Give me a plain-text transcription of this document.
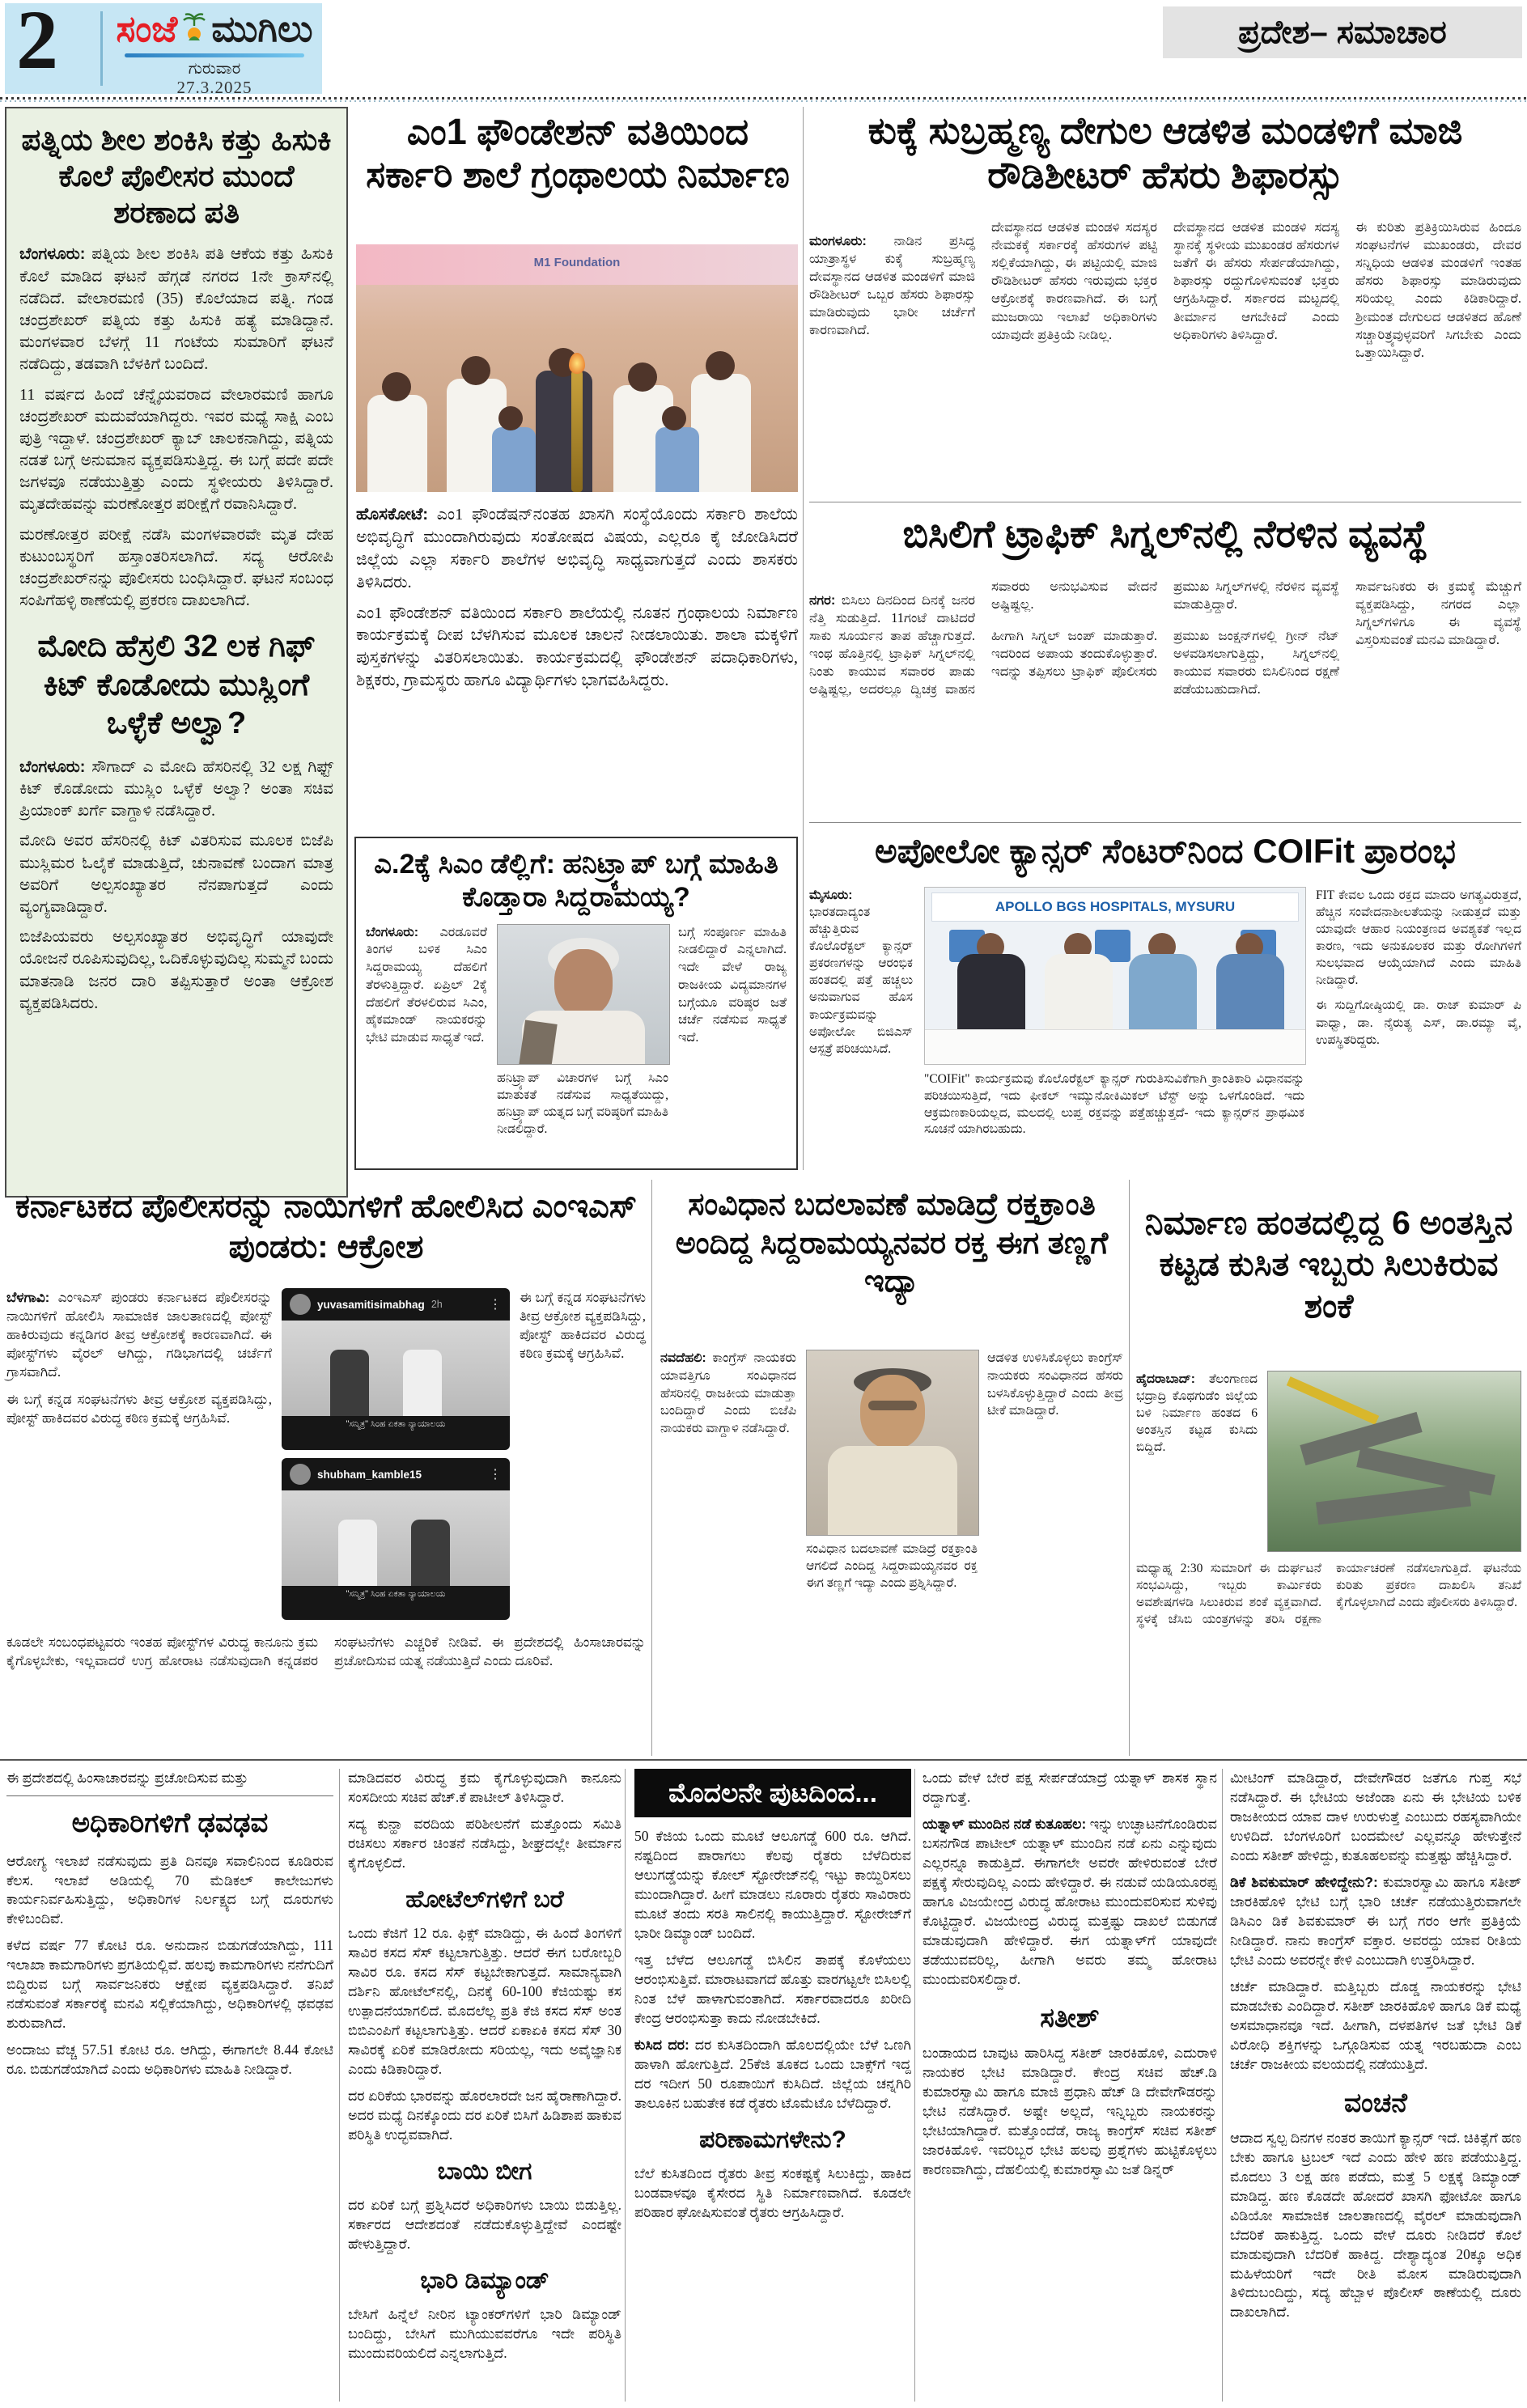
2 ಸಂಜೆ ಮುಗಿಲು
ಗುರುವಾರ
27.3.2025
ಪ್ರದೇಶ– ಸಮಾಚಾರ
ಪತ್ನಿಯ ಶೀಲ ಶಂಕಿಸಿ ಕತ್ತು ಹಿಸುಕಿ ಕೊಲೆ ಪೊಲೀಸರ ಮುಂದೆ ಶರಣಾದ ಪತಿ

ಬೆಂಗಳೂರು: ಪತ್ನಿಯ ಶೀಲ ಶಂಕಿಸಿ ಪತಿ ಆಕೆಯ ಕತ್ತು ಹಿಸುಕಿ ಕೊಲೆ ಮಾಡಿದ ಘಟನೆ ಹೆಗ್ಗಡೆ ನಗರದ 1ನೇ ಕ್ರಾಸ್‌ನಲ್ಲಿ ನಡೆದಿದೆ. ವೇಲಾರಮಣಿ (35) ಕೊಲೆಯಾದ ಪತ್ನಿ. ಗಂಡ ಚಂದ್ರಶೇಖರ್ ಪತ್ನಿಯ ಕತ್ತು ಹಿಸುಕಿ ಹತ್ಯೆ ಮಾಡಿದ್ದಾನೆ. ಮಂಗಳವಾರ ಬೆಳಗ್ಗೆ 11 ಗಂಟೆಯ ಸುಮಾರಿಗೆ ಘಟನೆ ನಡೆದಿದ್ದು, ತಡವಾಗಿ ಬೆಳಕಿಗೆ ಬಂದಿದೆ.

11 ವರ್ಷದ ಹಿಂದೆ ಚೆನ್ನೈಯವರಾದ ವೇಲಾರಮಣಿ ಹಾಗೂ ಚಂದ್ರಶೇಖರ್ ಮದುವೆಯಾಗಿದ್ದರು. ಇವರ ಮಧ್ಯೆ ಸಾಕ್ಷಿ ಎಂಬ ಪುತ್ರಿ ಇದ್ದಾಳೆ. ಚಂದ್ರಶೇಖರ್ ಕ್ಯಾಬ್ ಚಾಲಕನಾಗಿದ್ದು, ಪತ್ನಿಯ ನಡತೆ ಬಗ್ಗೆ ಅನುಮಾನ ವ್ಯಕ್ತಪಡಿಸುತ್ತಿದ್ದ. ಈ ಬಗ್ಗೆ ಪದೇ ಪದೇ ಜಗಳವೂ ನಡೆಯುತ್ತಿತ್ತು ಎಂದು ಸ್ಥಳೀಯರು ತಿಳಿಸಿದ್ದಾರೆ. ಮೃತದೇಹವನ್ನು ಮರಣೋತ್ತರ ಪರೀಕ್ಷೆಗೆ ರವಾನಿಸಿದ್ದಾರೆ.

ಮರಣೋತ್ತರ ಪರೀಕ್ಷೆ ನಡೆಸಿ ಮಂಗಳವಾರವೇ ಮೃತ ದೇಹ ಕುಟುಂಬಸ್ಥರಿಗೆ ಹಸ್ತಾಂತರಿಸಲಾಗಿದೆ. ಸದ್ಯ ಆರೋಪಿ ಚಂದ್ರಶೇಖರ್‌ನನ್ನು ಪೊಲೀಸರು ಬಂಧಿಸಿದ್ದಾರೆ. ಘಟನೆ ಸಂಬಂಧ ಸಂಪಿಗೆಹಳ್ಳಿ ಠಾಣೆಯಲ್ಲಿ ಪ್ರಕರಣ ದಾಖಲಾಗಿದೆ.

ಮೋದಿ ಹೆಸ್ರಲಿ 32 ಲಕ ಗಿಫ್ ಕಿಟ್ ಕೊಡೋದು ಮುಸ್ಲಿಂಗೆ ಒಳ್ಳೆಕೆ ಅಲ್ವಾ?

ಬೆಂಗಳೂರು: ಸೌಗಾದ್ ಎ ಮೋದಿ ಹೆಸರಿನಲ್ಲಿ 32 ಲಕ್ಷ ಗಿಫ್ಟ್ ಕಿಟ್ ಕೊಡೋದು ಮುಸ್ಲಿಂ ಒಳ್ಳೆಕೆ ಅಲ್ವಾ? ಅಂತಾ ಸಚಿವ ಪ್ರಿಯಾಂಕ್ ಖರ್ಗೆ ವಾಗ್ದಾಳಿ ನಡೆಸಿದ್ದಾರೆ.

ಮೋದಿ ಅವರ ಹೆಸರಿನಲ್ಲಿ ಕಿಟ್ ವಿತರಿಸುವ ಮೂಲಕ ಬಿಜೆಪಿ ಮುಸ್ಲಿಮರ ಓಲೈಕೆ ಮಾಡುತ್ತಿದೆ, ಚುನಾವಣೆ ಬಂದಾಗ ಮಾತ್ರ ಅವರಿಗೆ ಅಲ್ಪಸಂಖ್ಯಾತರ ನೆನಪಾಗುತ್ತದೆ ಎಂದು ವ್ಯಂಗ್ಯವಾಡಿದ್ದಾರೆ.

ಬಿಜೆಪಿಯವರು ಅಲ್ಪಸಂಖ್ಯಾತರ ಅಭಿವೃದ್ಧಿಗೆ ಯಾವುದೇ ಯೋಜನೆ ರೂಪಿಸುವುದಿಲ್ಲ, ಒದಿಕೊಳ್ಳುವುದಿಲ್ಲ ಸುಮ್ಮನೆ ಬಂದು ಮಾತನಾಡಿ ಜನರ ದಾರಿ ತಪ್ಪಿಸುತ್ತಾರೆ ಅಂತಾ ಆಕ್ರೋಶ ವ್ಯಕ್ತಪಡಿಸಿದರು.

ಎಂ1 ಫೌಂಡೇಶನ್ ವತಿಯಿಂದ ಸರ್ಕಾರಿ ಶಾಲೆ ಗ್ರಂಥಾಲಯ ನಿರ್ಮಾಣ
M1 Foundation

ಹೊಸಕೋಟೆ: ಎಂ1 ಫೌಂಡೆಷನ್‌ನಂತಹ ಖಾಸಗಿ ಸಂಸ್ಥೆಯೊಂದು ಸರ್ಕಾರಿ ಶಾಲೆಯ ಅಭಿವೃದ್ಧಿಗೆ ಮುಂದಾಗಿರುವುದು ಸಂತೋಷದ ವಿಷಯ, ಎಲ್ಲರೂ ಕೈ ಜೋಡಿಸಿದರೆ ಜಿಲ್ಲೆಯ ಎಲ್ಲಾ ಸರ್ಕಾರಿ ಶಾಲೆಗಳ ಅಭಿವೃದ್ಧಿ ಸಾಧ್ಯವಾಗುತ್ತದೆ ಎಂದು ಶಾಸಕರು ತಿಳಿಸಿದರು.

ಎಂ1 ಫೌಂಡೇಶನ್ ವತಿಯಿಂದ ಸರ್ಕಾರಿ ಶಾಲೆಯಲ್ಲಿ ನೂತನ ಗ್ರಂಥಾಲಯ ನಿರ್ಮಾಣ ಕಾರ್ಯಕ್ರಮಕ್ಕೆ ದೀಪ ಬೆಳಗಿಸುವ ಮೂಲಕ ಚಾಲನೆ ನೀಡಲಾಯಿತು. ಶಾಲಾ ಮಕ್ಕಳಿಗೆ ಪುಸ್ತಕಗಳನ್ನು ವಿತರಿಸಲಾಯಿತು. ಕಾರ್ಯಕ್ರಮದಲ್ಲಿ ಫೌಂಡೇಶನ್ ಪದಾಧಿಕಾರಿಗಳು, ಶಿಕ್ಷಕರು, ಗ್ರಾಮಸ್ಥರು ಹಾಗೂ ವಿದ್ಯಾರ್ಥಿಗಳು ಭಾಗವಹಿಸಿದ್ದರು.

ಎ.2ಕ್ಕೆ ಸಿಎಂ ಡೆಲ್ಲಿಗೆ: ಹನಿಟ್ರ್ಯಾಪ್ ಬಗ್ಗೆ ಮಾಹಿತಿ ಕೊಡ್ತಾರಾ ಸಿದ್ದರಾಮಯ್ಯ?

ಬೆಂಗಳೂರು: ಎರಡೂವರೆ ತಿಂಗಳ ಬಳಿಕ ಸಿಎಂ ಸಿದ್ದರಾಮಯ್ಯ ದೆಹಲಿಗೆ ತೆರಳುತ್ತಿದ್ದಾರೆ. ಏಪ್ರಿಲ್ 2ಕ್ಕೆ ದೆಹಲಿಗೆ ತೆರಳಲಿರುವ ಸಿಎಂ, ಹೈಕಮಾಂಡ್ ನಾಯಕರನ್ನು ಭೇಟಿ ಮಾಡುವ ಸಾಧ್ಯತೆ ಇದೆ.

ಹನಿಟ್ರ್ಯಾಪ್ ವಿಚಾರಗಳ ಬಗ್ಗೆ ಸಿಎಂ ಮಾತುಕತೆ ನಡೆಸುವ ಸಾಧ್ಯತೆಯಿದ್ದು, ಹನಿಟ್ರ್ಯಾಪ್ ಯತ್ನದ ಬಗ್ಗೆ ವರಿಷ್ಠರಿಗೆ ಮಾಹಿತಿ ನೀಡಲಿದ್ದಾರೆ.
ಬಗ್ಗೆ ಸಂಪೂರ್ಣ ಮಾಹಿತಿ ನೀಡಲಿದ್ದಾರೆ ಎನ್ನಲಾಗಿದೆ. ಇದೇ ವೇಳೆ ರಾಜ್ಯ ರಾಜಕೀಯ ವಿದ್ಯಮಾನಗಳ ಬಗ್ಗೆಯೂ ವರಿಷ್ಠರ ಜತೆ ಚರ್ಚೆ ನಡೆಸುವ ಸಾಧ್ಯತೆ ಇದೆ.
ಕುಕ್ಕೆ ಸುಬ್ರಹ್ಮಣ್ಯ ದೇಗುಲ ಆಡಳಿತ ಮಂಡಳಿಗೆ ಮಾಜಿ ರೌಡಿಶೀಟರ್ ಹೆಸರು ಶಿಫಾರಸ್ಸು

ಮಂಗಳೂರು: ನಾಡಿನ ಪ್ರಸಿದ್ಧ ಯಾತ್ರಾಸ್ಥಳ ಕುಕ್ಕೆ ಸುಬ್ರಹ್ಮಣ್ಯ ದೇವಸ್ಥಾನದ ಆಡಳಿತ ಮಂಡಳಿಗೆ ಮಾಜಿ ರೌಡಿಶೀಟರ್ ಒಬ್ಬರ ಹೆಸರು ಶಿಫಾರಸ್ಸು ಮಾಡಿರುವುದು ಭಾರೀ ಚರ್ಚೆಗೆ ಕಾರಣವಾಗಿದೆ.

ದೇವಸ್ಥಾನದ ಆಡಳಿತ ಮಂಡಳಿ ಸದಸ್ಯರ ನೇಮಕಕ್ಕೆ ಸರ್ಕಾರಕ್ಕೆ ಹೆಸರುಗಳ ಪಟ್ಟಿ ಸಲ್ಲಿಕೆಯಾಗಿದ್ದು, ಈ ಪಟ್ಟಿಯಲ್ಲಿ ಮಾಜಿ ರೌಡಿಶೀಟರ್ ಹೆಸರು ಇರುವುದು ಭಕ್ತರ ಆಕ್ರೋಶಕ್ಕೆ ಕಾರಣವಾಗಿದೆ. ಈ ಬಗ್ಗೆ ಮುಜರಾಯಿ ಇಲಾಖೆ ಅಧಿಕಾರಿಗಳು ಯಾವುದೇ ಪ್ರತಿಕ್ರಿಯೆ ನೀಡಿಲ್ಲ.

ದೇವಸ್ಥಾನದ ಆಡಳಿತ ಮಂಡಳಿ ಸದಸ್ಯ ಸ್ಥಾನಕ್ಕೆ ಸ್ಥಳೀಯ ಮುಖಂಡರ ಹೆಸರುಗಳ ಜತೆಗೆ ಈ ಹೆಸರು ಸೇರ್ಪಡೆಯಾಗಿದ್ದು, ಶಿಫಾರಸ್ಸು ರದ್ದುಗೊಳಿಸುವಂತೆ ಭಕ್ತರು ಆಗ್ರಹಿಸಿದ್ದಾರೆ. ಸರ್ಕಾರದ ಮಟ್ಟದಲ್ಲಿ ತೀರ್ಮಾನ ಆಗಬೇಕಿದೆ ಎಂದು ಅಧಿಕಾರಿಗಳು ತಿಳಿಸಿದ್ದಾರೆ.

ಈ ಕುರಿತು ಪ್ರತಿಕ್ರಿಯಿಸಿರುವ ಹಿಂದೂ ಸಂಘಟನೆಗಳ ಮುಖಂಡರು, ದೇವರ ಸನ್ನಿಧಿಯ ಆಡಳಿತ ಮಂಡಳಿಗೆ ಇಂತಹ ಹೆಸರು ಶಿಫಾರಸ್ಸು ಮಾಡಿರುವುದು ಸರಿಯಲ್ಲ ಎಂದು ಕಿಡಿಕಾರಿದ್ದಾರೆ. ಶ್ರೀಮಂತ ದೇಗುಲದ ಆಡಳಿತದ ಹೊಣೆ ಸಚ್ಚಾರಿತ್ರ್ಯವುಳ್ಳವರಿಗೆ ಸಿಗಬೇಕು ಎಂದು ಒತ್ತಾಯಿಸಿದ್ದಾರೆ.

ಬಿಸಿಲಿಗೆ ಟ್ರಾಫಿಕ್ ಸಿಗ್ನಲ್‌ನಲ್ಲಿ ನೆರಳಿನ ವ್ಯವಸ್ಥೆ

ನಗರ: ಬಿಸಿಲು ದಿನದಿಂದ ದಿನಕ್ಕೆ ಜನರ ನೆತ್ತಿ ಸುಡುತ್ತಿದೆ. 11ಗಂಟೆ ದಾಟಿದರೆ ಸಾಕು ಸೂರ್ಯನ ತಾಪ ಹೆಚ್ಚಾಗುತ್ತದೆ. ಇಂಥ ಹೊತ್ತಿನಲ್ಲಿ ಟ್ರಾಫಿಕ್ ಸಿಗ್ನಲ್‌ನಲ್ಲಿ ನಿಂತು ಕಾಯುವ ಸವಾರರ ಪಾಡು ಅಷ್ಟಿಷ್ಟಲ್ಲ, ಅದರಲ್ಲೂ ದ್ವಿಚಕ್ರ ವಾಹನ ಸವಾರರು ಅನುಭವಿಸುವ ವೇದನೆ ಅಷ್ಟಿಷ್ಟಲ್ಲ.

ಹೀಗಾಗಿ ಸಿಗ್ನಲ್ ಜಂಪ್ ಮಾಡುತ್ತಾರೆ. ಇದರಿಂದ ಅಪಾಯ ತಂದುಕೊಳ್ಳುತ್ತಾರೆ. ಇದನ್ನು ತಪ್ಪಿಸಲು ಟ್ರಾಫಿಕ್ ಪೊಲೀಸರು ಪ್ರಮುಖ ಸಿಗ್ನಲ್‌ಗಳಲ್ಲಿ ನೆರಳಿನ ವ್ಯವಸ್ಥೆ ಮಾಡುತ್ತಿದ್ದಾರೆ.

ಪ್ರಮುಖ ಜಂಕ್ಷನ್‌ಗಳಲ್ಲಿ ಗ್ರೀನ್ ನೆಟ್ ಅಳವಡಿಸಲಾಗುತ್ತಿದ್ದು, ಸಿಗ್ನಲ್‌ನಲ್ಲಿ ಕಾಯುವ ಸವಾರರು ಬಿಸಿಲಿನಿಂದ ರಕ್ಷಣೆ ಪಡೆಯಬಹುದಾಗಿದೆ.

ಸಾರ್ವಜನಿಕರು ಈ ಕ್ರಮಕ್ಕೆ ಮೆಚ್ಚುಗೆ ವ್ಯಕ್ತಪಡಿಸಿದ್ದು, ನಗರದ ಎಲ್ಲಾ ಸಿಗ್ನಲ್‌ಗಳಿಗೂ ಈ ವ್ಯವಸ್ಥೆ ವಿಸ್ತರಿಸುವಂತೆ ಮನವಿ ಮಾಡಿದ್ದಾರೆ.

ಅಪೋಲೋ ಕ್ಯಾನ್ಸರ್ ಸೆಂಟರ್‌ನಿಂದ COIFit ಪ್ರಾರಂಭ

ಮೈಸೂರು: ಭಾರತದಾದ್ಯಂತ ಹೆಚ್ಚುತ್ತಿರುವ ಕೊಲೊರೆಕ್ಟಲ್ ಕ್ಯಾನ್ಸರ್ ಪ್ರಕರಣಗಳನ್ನು ಆರಂಭಿಕ ಹಂತದಲ್ಲಿ ಪತ್ತೆ ಹಚ್ಚಲು ಅನುವಾಗುವ ಹೊಸ ಕಾರ್ಯಕ್ರಮವನ್ನು ಅಪೋಲೋ ಬಿಜಿಎಸ್ ಆಸ್ಪತ್ರೆ ಪರಿಚಯಿಸಿದೆ.

APOLLO BGS HOSPITALS, MYSURU
"COIFit" ಕಾರ್ಯಕ್ರಮವು ಕೊಲೊರೆಕ್ಟಲ್ ಕ್ಯಾನ್ಸರ್ ಗುರುತಿಸುವಿಕೆಗಾಗಿ ಕ್ರಾಂತಿಕಾರಿ ವಿಧಾನವನ್ನು ಪರಿಚಯಿಸುತ್ತಿದೆ, ಇದು ಫೀಕಲ್ ಇಮ್ಯುನೋಕಿಮಿಕಲ್ ಟೆಸ್ಟ್ ಅನ್ನು ಒಳಗೊಂಡಿದೆ. ಇದು ಆಕ್ರಮಣಕಾರಿಯಲ್ಲದ, ಮಲದಲ್ಲಿ ಲುಪ್ತ ರಕ್ತವನ್ನು ಪತ್ತೆಹಚ್ಚುತ್ತದೆ- ಇದು ಕ್ಯಾನ್ಸರ್‌ನ ಪ್ರಾಥಮಿಕ ಸೂಚನೆ ಯಾಗಿರಬಹುದು.

FIT ಕೇವಲ ಒಂದು ರಕ್ತದ ಮಾದರಿ ಅಗತ್ಯವಿರುತ್ತದೆ, ಹೆಚ್ಚಿನ ಸಂವೇದನಾಶೀಲತೆಯನ್ನು ನೀಡುತ್ತದೆ ಮತ್ತು ಯಾವುದೇ ಆಹಾರ ನಿಯಂತ್ರಣದ ಅವಶ್ಯಕತೆ ಇಲ್ಲದ ಕಾರಣ, ಇದು ಅನುಕೂಲಕರ ಮತ್ತು ರೋಗಿಗಳಿಗೆ ಸುಲಭವಾದ ಆಯ್ಕೆಯಾಗಿದೆ ಎಂದು ಮಾಹಿತಿ ನೀಡಿದ್ದಾರೆ.

ಈ ಸುದ್ದಿಗೋಷ್ಠಿಯಲ್ಲಿ ಡಾ. ರಾಜ್ ಕುಮಾರ್ ಪಿ ವಾಧ್ವಾ, ಡಾ. ನೈರುತ್ಯ ಎಸ್, ಡಾ.ರಮ್ಯಾ ವೈ, ಉಪಸ್ಥಿತರಿದ್ದರು.

ಕರ್ನಾಟಕದ ಪೊಲೀಸರನ್ನು ನಾಯಿಗಳಿಗೆ ಹೋಲಿಸಿದ ಎಂಇಎಸ್ ಪುಂಡರು: ಆಕ್ರೋಶ

ಬೆಳಗಾವಿ: ಎಂಇಎಸ್ ಪುಂಡರು ಕರ್ನಾಟಕದ ಪೊಲೀಸರನ್ನು ನಾಯಿಗಳಿಗೆ ಹೋಲಿಸಿ ಸಾಮಾಜಿಕ ಜಾಲತಾಣದಲ್ಲಿ ಪೋಸ್ಟ್ ಹಾಕಿರುವುದು ಕನ್ನಡಿಗರ ತೀವ್ರ ಆಕ್ರೋಶಕ್ಕೆ ಕಾರಣವಾಗಿದೆ. ಈ ಪೋಸ್ಟ್‌ಗಳು ವೈರಲ್ ಆಗಿದ್ದು, ಗಡಿಭಾಗದಲ್ಲಿ ಚರ್ಚೆಗೆ ಗ್ರಾಸವಾಗಿದೆ.

ಈ ಬಗ್ಗೆ ಕನ್ನಡ ಸಂಘಟನೆಗಳು ತೀವ್ರ ಆಕ್ರೋಶ ವ್ಯಕ್ತಪಡಿಸಿದ್ದು, ಪೋಸ್ಟ್ ಹಾಕಿದವರ ವಿರುದ್ಧ ಕಠಿಣ ಕ್ರಮಕ್ಕೆ ಆಗ್ರಹಿಸಿವೆ.

yuvasamitisimabhag 2h	⋮
"ಸನ್ಮಿತ್ರ" ಸಿಂಹ ಏಕತಾ ನ್ಯಾಯಾಲಯ
shubham_kamble15	⋮
"ಸನ್ಮಿತ್ರ" ಸಿಂಹ ಏಕತಾ ನ್ಯಾಯಾಲಯ
ಈ ಬಗ್ಗೆ ಕನ್ನಡ ಸಂಘಟನೆಗಳು ತೀವ್ರ ಆಕ್ರೋಶ ವ್ಯಕ್ತಪಡಿಸಿದ್ದು, ಪೋಸ್ಟ್ ಹಾಕಿದವರ ವಿರುದ್ಧ ಕಠಿಣ ಕ್ರಮಕ್ಕೆ ಆಗ್ರಹಿಸಿವೆ.
ಕೂಡಲೇ ಸಂಬಂಧಪಟ್ಟವರು ಇಂತಹ ಪೋಸ್ಟ್‌ಗಳ ವಿರುದ್ಧ ಕಾನೂನು ಕ್ರಮ ಕೈಗೊಳ್ಳಬೇಕು, ಇಲ್ಲವಾದರೆ ಉಗ್ರ ಹೋರಾಟ ನಡೆಸುವುದಾಗಿ ಕನ್ನಡಪರ ಸಂಘಟನೆಗಳು ಎಚ್ಚರಿಕೆ ನೀಡಿವೆ. ಈ ಪ್ರದೇಶದಲ್ಲಿ ಹಿಂಸಾಚಾರವನ್ನು ಪ್ರಚೋದಿಸುವ ಯತ್ನ ನಡೆಯುತ್ತಿದೆ ಎಂದು ದೂರಿವೆ.
ಸಂವಿಧಾನ ಬದಲಾವಣೆ ಮಾಡಿದ್ರೆ ರಕ್ತಕ್ರಾಂತಿ ಅಂದಿದ್ದ ಸಿದ್ದರಾಮಯ್ಯನವರ ರಕ್ತ ಈಗ ತಣ್ಣಗೆ ಇದ್ಯಾ

ನವದೆಹಲಿ: ಕಾಂಗ್ರೆಸ್ ನಾಯಕರು ಯಾವತ್ತಿಗೂ ಸಂವಿಧಾನದ ಹೆಸರಿನಲ್ಲಿ ರಾಜಕೀಯ ಮಾಡುತ್ತಾ ಬಂದಿದ್ದಾರೆ ಎಂದು ಬಿಜೆಪಿ ನಾಯಕರು ವಾಗ್ದಾಳಿ ನಡೆಸಿದ್ದಾರೆ.

ಸಂವಿಧಾನ ಬದಲಾವಣೆ ಮಾಡಿದ್ರೆ ರಕ್ತಕ್ರಾಂತಿ ಆಗಲಿದೆ ಎಂದಿದ್ದ ಸಿದ್ದರಾಮಯ್ಯನವರ ರಕ್ತ ಈಗ ತಣ್ಣಗೆ ಇದ್ಯಾ ಎಂದು ಪ್ರಶ್ನಿಸಿದ್ದಾರೆ.
ಆಡಳಿತ ಉಳಿಸಿಕೊಳ್ಳಲು ಕಾಂಗ್ರೆಸ್ ನಾಯಕರು ಸಂವಿಧಾನದ ಹೆಸರು ಬಳಸಿಕೊಳ್ಳುತ್ತಿದ್ದಾರೆ ಎಂದು ತೀವ್ರ ಟೀಕೆ ಮಾಡಿದ್ದಾರೆ.
ನಿರ್ಮಾಣ ಹಂತದಲ್ಲಿದ್ದ 6 ಅಂತಸ್ತಿನ ಕಟ್ಟಡ ಕುಸಿತ ಇಬ್ಬರು ಸಿಲುಕಿರುವ ಶಂಕೆ

ಹೈದರಾಬಾದ್: ತೆಲಂಗಾಣದ ಭದ್ರಾದ್ರಿ ಕೊಥಗುಡೆಂ ಜಿಲ್ಲೆಯ ಬಳಿ ನಿರ್ಮಾಣ ಹಂತದ 6 ಅಂತಸ್ತಿನ ಕಟ್ಟಡ ಕುಸಿದು ಬಿದ್ದಿದೆ.

ಮಧ್ಯಾಹ್ನ 2:30 ಸುಮಾರಿಗೆ ಈ ದುರ್ಘಟನೆ ಸಂಭವಿಸಿದ್ದು, ಇಬ್ಬರು ಕಾರ್ಮಿಕರು ಅವಶೇಷಗಳಡಿ ಸಿಲುಕಿರುವ ಶಂಕೆ ವ್ಯಕ್ತವಾಗಿದೆ. ಸ್ಥಳಕ್ಕೆ ಜೆಸಿಬಿ ಯಂತ್ರಗಳನ್ನು ತರಿಸಿ ರಕ್ಷಣಾ ಕಾರ್ಯಾಚರಣೆ ನಡೆಸಲಾಗುತ್ತಿದೆ. ಘಟನೆಯ ಕುರಿತು ಪ್ರಕರಣ ದಾಖಲಿಸಿ ತನಿಖೆ ಕೈಗೊಳ್ಳಲಾಗಿದೆ ಎಂದು ಪೊಲೀಸರು ತಿಳಿಸಿದ್ದಾರೆ.

ಈ ಪ್ರದೇಶದಲ್ಲಿ ಹಿಂಸಾಚಾರವನ್ನು ಪ್ರಚೋದಿಸುವ ಮತ್ತು

ಅಧಿಕಾರಿಗಳಿಗೆ ಢವಢವ

ಆರೋಗ್ಯ ಇಲಾಖೆ ನಡೆಸುವುದು ಪ್ರತಿ ದಿನವೂ ಸವಾಲಿನಿಂದ ಕೂಡಿರುವ ಕೆಲಸ. ಇಲಾಖೆ ಅಡಿಯಲ್ಲಿ 70 ಮೆಡಿಕಲ್ ಕಾಲೇಜುಗಳು ಕಾರ್ಯನಿರ್ವಹಿಸುತ್ತಿದ್ದು, ಅಧಿಕಾರಿಗಳ ನಿರ್ಲಕ್ಷ್ಯದ ಬಗ್ಗೆ ದೂರುಗಳು ಕೇಳಿಬಂದಿವೆ.

ಕಳೆದ ವರ್ಷ 77 ಕೋಟಿ ರೂ. ಅನುದಾನ ಬಿಡುಗಡೆಯಾಗಿದ್ದು, 111 ಇಲಾಖಾ ಕಾಮಗಾರಿಗಳು ಪ್ರಗತಿಯಲ್ಲಿವೆ. ಹಲವು ಕಾಮಗಾರಿಗಳು ನನೆಗುದಿಗೆ ಬಿದ್ದಿರುವ ಬಗ್ಗೆ ಸಾರ್ವಜನಿಕರು ಆಕ್ಷೇಪ ವ್ಯಕ್ತಪಡಿಸಿದ್ದಾರೆ. ತನಿಖೆ ನಡೆಸುವಂತೆ ಸರ್ಕಾರಕ್ಕೆ ಮನವಿ ಸಲ್ಲಿಕೆಯಾಗಿದ್ದು, ಅಧಿಕಾರಿಗಳಲ್ಲಿ ಢವಢವ ಶುರುವಾಗಿದೆ.

ಅಂದಾಜು ವೆಚ್ಚ 57.51 ಕೋಟಿ ರೂ. ಆಗಿದ್ದು, ಈಗಾಗಲೇ 8.44 ಕೋಟಿ ರೂ. ಬಿಡುಗಡೆಯಾಗಿದೆ ಎಂದು ಅಧಿಕಾರಿಗಳು ಮಾಹಿತಿ ನೀಡಿದ್ದಾರೆ.

ಮಾಡಿದವರ ವಿರುದ್ಧ ಕ್ರಮ ಕೈಗೊಳ್ಳುವುದಾಗಿ ಕಾನೂನು ಸಂಸದೀಯ ಸಚಿವ ಹೆಚ್.ಕೆ ಪಾಟೀಲ್ ತಿಳಿಸಿದ್ದಾರೆ.

ಸದ್ಯ ಕುನ್ಹಾ ವರದಿಯ ಪರಿಶೀಲನೆಗೆ ಮತ್ತೊಂದು ಸಮಿತಿ ರಚಿಸಲು ಸರ್ಕಾರ ಚಿಂತನೆ ನಡೆಸಿದ್ದು, ಶೀಘ್ರದಲ್ಲೇ ತೀರ್ಮಾನ ಕೈಗೊಳ್ಳಲಿದೆ.

ಹೋಟೆಲ್‌ಗಳಿಗೆ ಬರೆ

ಒಂದು ಕೆಜಿಗೆ 12 ರೂ. ಫಿಕ್ಸ್ ಮಾಡಿದ್ದು, ಈ ಹಿಂದೆ ತಿಂಗಳಿಗೆ ಸಾವಿರ ಕಸದ ಸೆಸ್ ಕಟ್ಟಲಾಗುತ್ತಿತ್ತು. ಆದರೆ ಈಗ ಬರೋಬ್ಬರಿ ಸಾವಿರ ರೂ. ಕಸದ ಸೆಸ್ ಕಟ್ಟಬೇಕಾಗುತ್ತದೆ. ಸಾಮಾನ್ಯವಾಗಿ ದರ್ಶಿನಿ ಹೋಟೆಲ್‌ನಲ್ಲಿ, ದಿನಕ್ಕೆ 60-100 ಕೆಜಿಯಷ್ಟು ಕಸ ಉತ್ಪಾದನೆಯಾಗಲಿದೆ. ಮೊದಲೆಲ್ಲ ಪ್ರತಿ ಕೆಜಿ ಕಸದ ಸೆಸ್ ಅಂತ ಬಿಬಿಎಂಪಿಗೆ ಕಟ್ಟಲಾಗುತ್ತಿತ್ತು. ಆದರೆ ಏಕಾಏಕಿ ಕಸದ ಸೆಸ್ 30 ಸಾವಿರಕ್ಕೆ ಏರಿಕೆ ಮಾಡಿರೋದು ಸರಿಯಲ್ಲ, ಇದು ಅವೈಜ್ಞಾನಿಕ ಎಂದು ಕಿಡಿಕಾರಿದ್ದಾರೆ.

ದರ ಏರಿಕೆಯ ಭಾರವನ್ನು ಹೊರಲಾರದೇ ಜನ ಹೈರಾಣಾಗಿದ್ದಾರೆ. ಅದರ ಮಧ್ಯೆ ದಿನಕ್ಕೊಂದು ದರ ಏರಿಕೆ ಬಿಸಿಗೆ ಹಿಡಿಶಾಪ ಹಾಕುವ ಪರಿಸ್ಥಿತಿ ಉದ್ಭವವಾಗಿದೆ.

ಬಾಯಿ ಬೀಗ

ದರ ಏರಿಕೆ ಬಗ್ಗೆ ಪ್ರಶ್ನಿಸಿದರೆ ಅಧಿಕಾರಿಗಳು ಬಾಯಿ ಬಿಡುತ್ತಿಲ್ಲ. ಸರ್ಕಾರದ ಆದೇಶದಂತೆ ನಡೆದುಕೊಳ್ಳುತ್ತಿದ್ದೇವೆ ಎಂದಷ್ಟೇ ಹೇಳುತ್ತಿದ್ದಾರೆ.

ಭಾರಿ ಡಿಮ್ಯಾಂಡ್

ಬೇಸಿಗೆ ಹಿನ್ನೆಲೆ ನೀರಿನ ಟ್ಯಾಂಕರ್‌ಗಳಿಗೆ ಭಾರಿ ಡಿಮ್ಯಾಂಡ್ ಬಂದಿದ್ದು, ಬೇಸಿಗೆ ಮುಗಿಯುವವರೆಗೂ ಇದೇ ಪರಿಸ್ಥಿತಿ ಮುಂದುವರಿಯಲಿದೆ ಎನ್ನಲಾಗುತ್ತಿದೆ.

ಮೊದಲನೇ ಪುಟದಿಂದ...

50 ಕೆಜಿಯ ಒಂದು ಮೂಟೆ ಆಲೂಗಡ್ಡೆ 600 ರೂ. ಆಗಿದೆ. ನಷ್ಟದಿಂದ ಪಾರಾಗಲು ಕೆಲವು ರೈತರು ಬೆಳೆದಿರುವ ಆಲುಗಡ್ಡೆಯನ್ನು ಕೋಲ್ ಸ್ಟೋರೇಜ್‌ನಲ್ಲಿ ಇಟ್ಟು ಕಾಯ್ದಿರಿಸಲು ಮುಂದಾಗಿದ್ದಾರೆ. ಹೀಗೆ ಮಾಡಲು ನೂರಾರು ರೈತರು ಸಾವಿರಾರು ಮೂಟೆ ತಂದು ಸರತಿ ಸಾಲಿನಲ್ಲಿ ಕಾಯುತ್ತಿದ್ದಾರೆ. ಸ್ಟೋರೇಜ್‌ಗೆ ಭಾರೀ ಡಿಮ್ಯಾಂಡ್ ಬಂದಿದೆ.

ಇತ್ತ ಬೆಳೆದ ಆಲೂಗಡ್ಡೆ ಬಿಸಿಲಿನ ತಾಪಕ್ಕೆ ಕೊಳೆಯಲು ಆರಂಭಿಸುತ್ತಿವೆ. ಮಾರಾಟವಾಗದೆ ಹೊತ್ತು ವಾರಗಟ್ಟಲೇ ಬಿಸಿಲಲ್ಲಿ ನಿಂತ ಬೆಳೆ ಹಾಳಾಗುವಂತಾಗಿದೆ. ಸರ್ಕಾರವಾದರೂ ಖರೀದಿ ಕೇಂದ್ರ ಆರಂಭಿಸುತ್ತಾ ಕಾದು ನೋಡಬೇಕಿದೆ.

ಕುಸಿದ ದರ: ದರ ಕುಸಿತದಿಂದಾಗಿ ಹೊಲದಲ್ಲಿಯೇ ಬೆಳೆ ಒಣಗಿ ಹಾಳಾಗಿ ಹೋಗುತ್ತಿದೆ. 25ಕೆಜಿ ತೂಕದ ಒಂದು ಬಾಕ್ಸ್‌ಗೆ ಇದ್ದ ದರ ಇದೀಗ 50 ರೂಪಾಯಿಗೆ ಕುಸಿದಿದೆ. ಜಿಲ್ಲೆಯ ಚನ್ನಗಿರಿ ತಾಲೂಕಿನ ಬಹುತೇಕ ಕಡೆ ರೈತರು ಟೊಮೆಟೊ ಬೆಳೆದಿದ್ದಾರೆ.

ಪರಿಣಾಮಗಳೇನು?

ಬೆಲೆ ಕುಸಿತದಿಂದ ರೈತರು ತೀವ್ರ ಸಂಕಷ್ಟಕ್ಕೆ ಸಿಲುಕಿದ್ದು, ಹಾಕಿದ ಬಂಡವಾಳವೂ ಕೈಸೇರದ ಸ್ಥಿತಿ ನಿರ್ಮಾಣವಾಗಿದೆ. ಕೂಡಲೇ ಪರಿಹಾರ ಘೋಷಿಸುವಂತೆ ರೈತರು ಆಗ್ರಹಿಸಿದ್ದಾರೆ.

ಒಂದು ವೇಳೆ ಬೇರೆ ಪಕ್ಷ ಸೇರ್ಪಡೆಯಾದ್ರೆ ಯತ್ನಾಳ್ ಶಾಸಕ ಸ್ಥಾನ ರದ್ದಾಗುತ್ತೆ.

ಯತ್ನಾಳ್ ಮುಂದಿನ ನಡೆ ಕುತೂಹಲ: ಇನ್ನು ಉಚ್ಛಾಟನೆಗೊಂಡಿರುವ ಬಸನಗೌಡ ಪಾಟೀಲ್ ಯತ್ನಾಳ್ ಮುಂದಿನ ನಡೆ ಏನು ಎನ್ನುವುದು ಎಲ್ಲರನ್ನೂ ಕಾಡುತ್ತಿದೆ. ಈಗಾಗಲೇ ಅವರೇ ಹೇಳಿರುವಂತೆ ಬೇರೆ ಪಕ್ಷಕ್ಕೆ ಸೇರುವುದಿಲ್ಲ ಎಂದು ಹೇಳಿದ್ದಾರೆ. ಈ ನಡುವೆ ಯಡಿಯೂರಪ್ಪ ಹಾಗೂ ವಿಜಯೇಂದ್ರ ವಿರುದ್ಧ ಹೋರಾಟ ಮುಂದುವರಿಸುವ ಸುಳಿವು ಕೊಟ್ಟಿದ್ದಾರೆ. ವಿಜಯೇಂದ್ರ ವಿರುದ್ಧ ಮತ್ತಷ್ಟು ದಾಖಲೆ ಬಿಡುಗಡೆ ಮಾಡುವುದಾಗಿ ಹೇಳಿದ್ದಾರೆ. ಈಗ ಯತ್ನಾಳ್‌ಗೆ ಯಾವುದೇ ತಡೆಯುವವರಿಲ್ಲ, ಹೀಗಾಗಿ ಅವರು ತಮ್ಮ ಹೋರಾಟ ಮುಂದುವರಿಸಲಿದ್ದಾರೆ.

ಸತೀಶ್

ಬಂಡಾಯದ ಬಾವುಟ ಹಾರಿಸಿದ್ದ ಸತೀಶ್ ಜಾರಕಿಹೊಳಿ, ಎದುರಾಳಿ ನಾಯಕರ ಭೇಟಿ ಮಾಡಿದ್ದಾರೆ. ಕೇಂದ್ರ ಸಚಿವ ಹೆಚ್.ಡಿ ಕುಮಾರಸ್ವಾಮಿ ಹಾಗೂ ಮಾಜಿ ಪ್ರಧಾನಿ ಹೆಚ್ ಡಿ ದೇವೇಗೌಡರನ್ನು ಭೇಟಿ ನಡೆಸಿದ್ದಾರೆ. ಅಷ್ಟೇ ಅಲ್ಲದೆ, ಇನ್ನಿಬ್ಬರು ನಾಯಕರನ್ನು ಭೇಟಿಯಾಗಿದ್ದಾರೆ. ಮತ್ತೊಂದೆಡೆ, ರಾಜ್ಯ ಕಾಂಗ್ರೆಸ್ ಸಚಿವ ಸತೀಶ್ ಜಾರಕಿಹೊಳಿ. ಇವರಿಬ್ಬರ ಭೇಟಿ ಹಲವು ಪ್ರಶ್ನೆಗಳು ಹುಟ್ಟಿಕೊಳ್ಳಲು ಕಾರಣವಾಗಿದ್ದು, ದೆಹಲಿಯಲ್ಲಿ ಕುಮಾರಸ್ವಾಮಿ ಜತೆ ಡಿನ್ನರ್

ಮೀಟಿಂಗ್ ಮಾಡಿದ್ದಾರೆ, ದೇವೇಗೌಡರ ಜತೆಗೂ ಗುಪ್ತ ಸಭೆ ನಡೆಸಿದ್ದಾರೆ. ಈ ಭೇಟಿಯ ಅಜೆಂಡಾ ಏನು ಈ ಭೇಟಿಯ ಬಳಿಕ ರಾಜಕೀಯದ ಯಾವ ದಾಳ ಉರುಳುತ್ತೆ ಎಂಬುದು ರಹಸ್ಯವಾಗಿಯೇ ಉಳಿದಿದೆ. ಬೆಂಗಳೂರಿಗೆ ಬಂದಮೇಲೆ ಎಲ್ಲವನ್ನೂ ಹೇಳುತ್ತೇನೆ ಎಂದು ಸತೀಶ್ ಹೇಳಿದ್ದು, ಕುತೂಹಲವನ್ನು ಮತ್ತಷ್ಟು ಹೆಚ್ಚಿಸಿದ್ದಾರೆ.

ಡಿಕೆ ಶಿವಕುಮಾರ್ ಹೇಳಿದ್ದೇನು?: ಕುಮಾರಸ್ವಾಮಿ ಹಾಗೂ ಸತೀಶ್ ಜಾರಕಿಹೊಳಿ ಭೇಟಿ ಬಗ್ಗೆ ಭಾರಿ ಚರ್ಚೆ ನಡೆಯುತ್ತಿರುವಾಗಲೇ ಡಿಸಿಎಂ ಡಿಕೆ ಶಿವಕುಮಾರ್ ಈ ಬಗ್ಗೆ ಗರಂ ಆಗೇ ಪ್ರತಿಕ್ರಿಯೆ ನೀಡಿದ್ದಾರೆ. ನಾನು ಕಾಂಗ್ರೆಸ್ ವಕ್ತಾರ. ಅವರದ್ದು ಯಾವ ರೀತಿಯ ಭೇಟಿ ಎಂದು ಅವರನ್ನೇ ಕೇಳಿ ಎಂಬುದಾಗಿ ಉತ್ತರಿಸಿದ್ದಾರೆ.

ಚರ್ಚೆ ಮಾಡಿದ್ದಾರೆ. ಮತ್ತಿಬ್ಬರು ದೊಡ್ಡ ನಾಯಕರನ್ನು ಭೇಟಿ ಮಾಡಬೇಕು ಎಂದಿದ್ದಾರೆ. ಸತೀಶ್ ಜಾರಕಿಹೊಳಿ ಹಾಗೂ ಡಿಕೆ ಮಧ್ಯೆ ಅಸಮಾಧಾನವೂ ಇದೆ. ಹೀಗಾಗಿ, ದಳಪತಿಗಳ ಜತೆ ಭೇಟಿ ಡಿಕೆ ವಿರೋಧಿ ಶಕ್ತಿಗಳನ್ನು ಒಗ್ಗೂಡಿಸುವ ಯತ್ನ ಇರಬಹುದಾ ಎಂಬ ಚರ್ಚೆ ರಾಜಕೀಯ ವಲಯದಲ್ಲಿ ನಡೆಯುತ್ತಿದೆ.

ವಂಚನೆ

ಆದಾದ ಸ್ವಲ್ಪ ದಿನಗಳ ನಂತರ ತಾಯಿಗೆ ಕ್ಯಾನ್ಸರ್ ಇದೆ. ಚಿಕಿತ್ಸೆಗೆ ಹಣ ಬೇಕು ಹಾಗೂ ಟ್ರಬಲ್ ಇದೆ ಎಂದು ಹೇಳಿ ಹಣ ಪಡೆಯುತ್ತಿದ್ದ. ಮೊದಲು 3 ಲಕ್ಷ ಹಣ ಪಡೆದು, ಮತ್ತೆ 5 ಲಕ್ಷಕ್ಕೆ ಡಿಮ್ಯಾಂಡ್ ಮಾಡಿದ್ದ. ಹಣ ಕೊಡದೇ ಹೋದರೆ ಖಾಸಗಿ ಫೋಟೋ ಹಾಗೂ ವಿಡಿಯೋ ಸಾಮಾಜಿಕ ಜಾಲತಾಣದಲ್ಲಿ ವೈರಲ್ ಮಾಡುವುದಾಗಿ ಬೆದರಿಕೆ ಹಾಕುತ್ತಿದ್ದ. ಒಂದು ವೇಳೆ ದೂರು ನೀಡಿದರೆ ಕೊಲೆ ಮಾಡುವುದಾಗಿ ಬೆದರಿಕೆ ಹಾಕಿದ್ದ. ದೇಶ್ಯಾದ್ಯಂತ 20ಕ್ಕೂ ಅಧಿಕ ಮಹಿಳೆಯರಿಗೆ ಇದೇ ರೀತಿ ಮೋಸ ಮಾಡಿರುವುದಾಗಿ ತಿಳಿದುಬಂದಿದ್ದು, ಸದ್ಯ ಹೆಬ್ಬಾಳ ಪೊಲೀಸ್ ಠಾಣೆಯಲ್ಲಿ ದೂರು ದಾಖಲಾಗಿದೆ.
